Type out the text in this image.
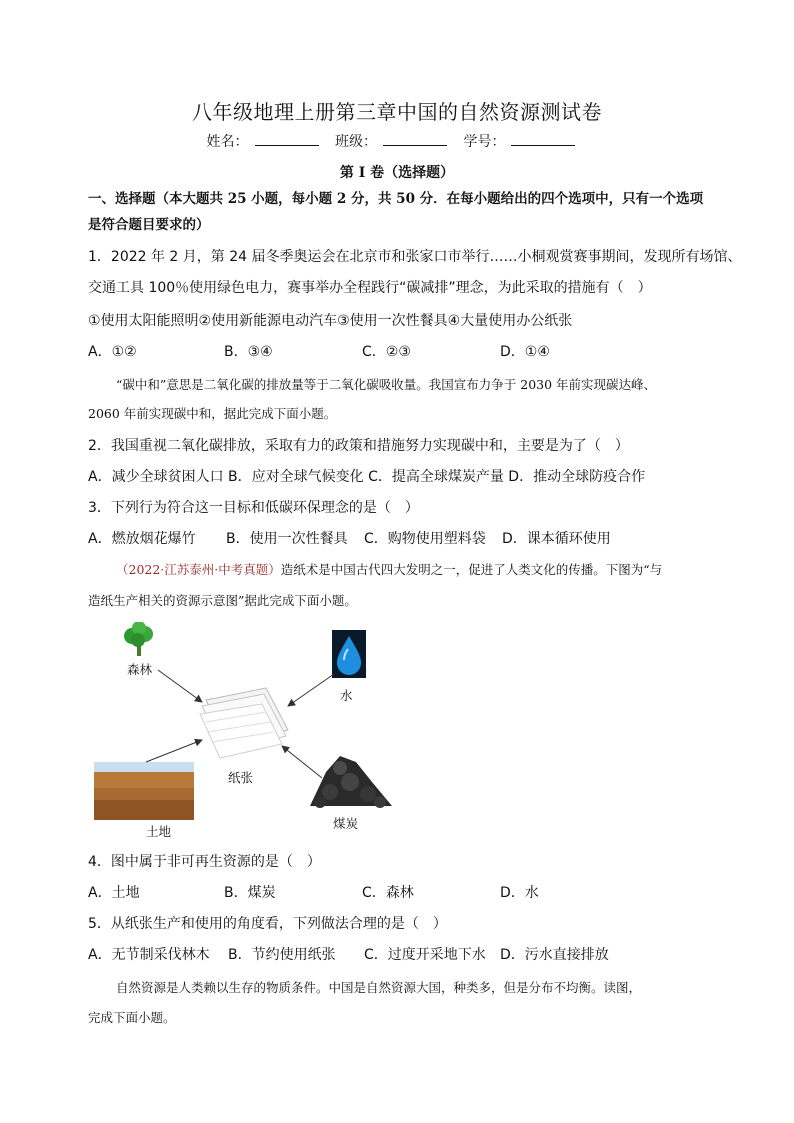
八年级地理上册第三章中国的自然资源测试卷
姓名：	班级：	学号：
第 I 卷（选择题）
一、选择题（本大题共 25 小题，每小题 2 分，共 50 分．在每小题给出的四个选项中，只有一个选项
是符合题目要求的）
1．2022 年 2 月，第 24 届冬季奥运会在北京市和张家口市举行……小桐观赏赛事期间，发现所有场馆、
交通工具 100％使用绿色电力，赛事举办全程践行“碳减排”理念，为此采取的措施有（　）
①使用太阳能照明②使用新能源电动汽车③使用一次性餐具④大量使用办公纸张
A．①②	B．③④	C．②③	D．①④
“碳中和”意思是二氧化碳的排放量等于二氧化碳吸收量。我国宣布力争于 2030 年前实现碳达峰、
2060 年前实现碳中和，据此完成下面小题。
2．我国重视二氧化碳排放，采取有力的政策和措施努力实现碳中和，主要是为了（　）
A．减少全球贫困人口 B．应对全球气候变化 C．提高全球煤炭产量 D．推动全球防疫合作
3．下列行为符合这一目标和低碳环保理念的是（　）
A．燃放烟花爆竹 B．使用一次性餐具 C．购物使用塑料袋 D．课本循环使用
（2022·江苏泰州·中考真题）造纸术是中国古代四大发明之一，促进了人类文化的传播。下图为“与
造纸生产相关的资源示意图”据此完成下面小题。
森林
水
纸张
土地
煤炭
4．图中属于非可再生资源的是（　）
A．土地	B．煤炭	C．森林	D．水
5．从纸张生产和使用的角度看，下列做法合理的是（　）
A．无节制采伐林木 B．节约使用纸张 C．过度开采地下水 D．污水直接排放
自然资源是人类赖以生存的物质条件。中国是自然资源大国，种类多，但是分布不均衡。读图，
完成下面小题。
